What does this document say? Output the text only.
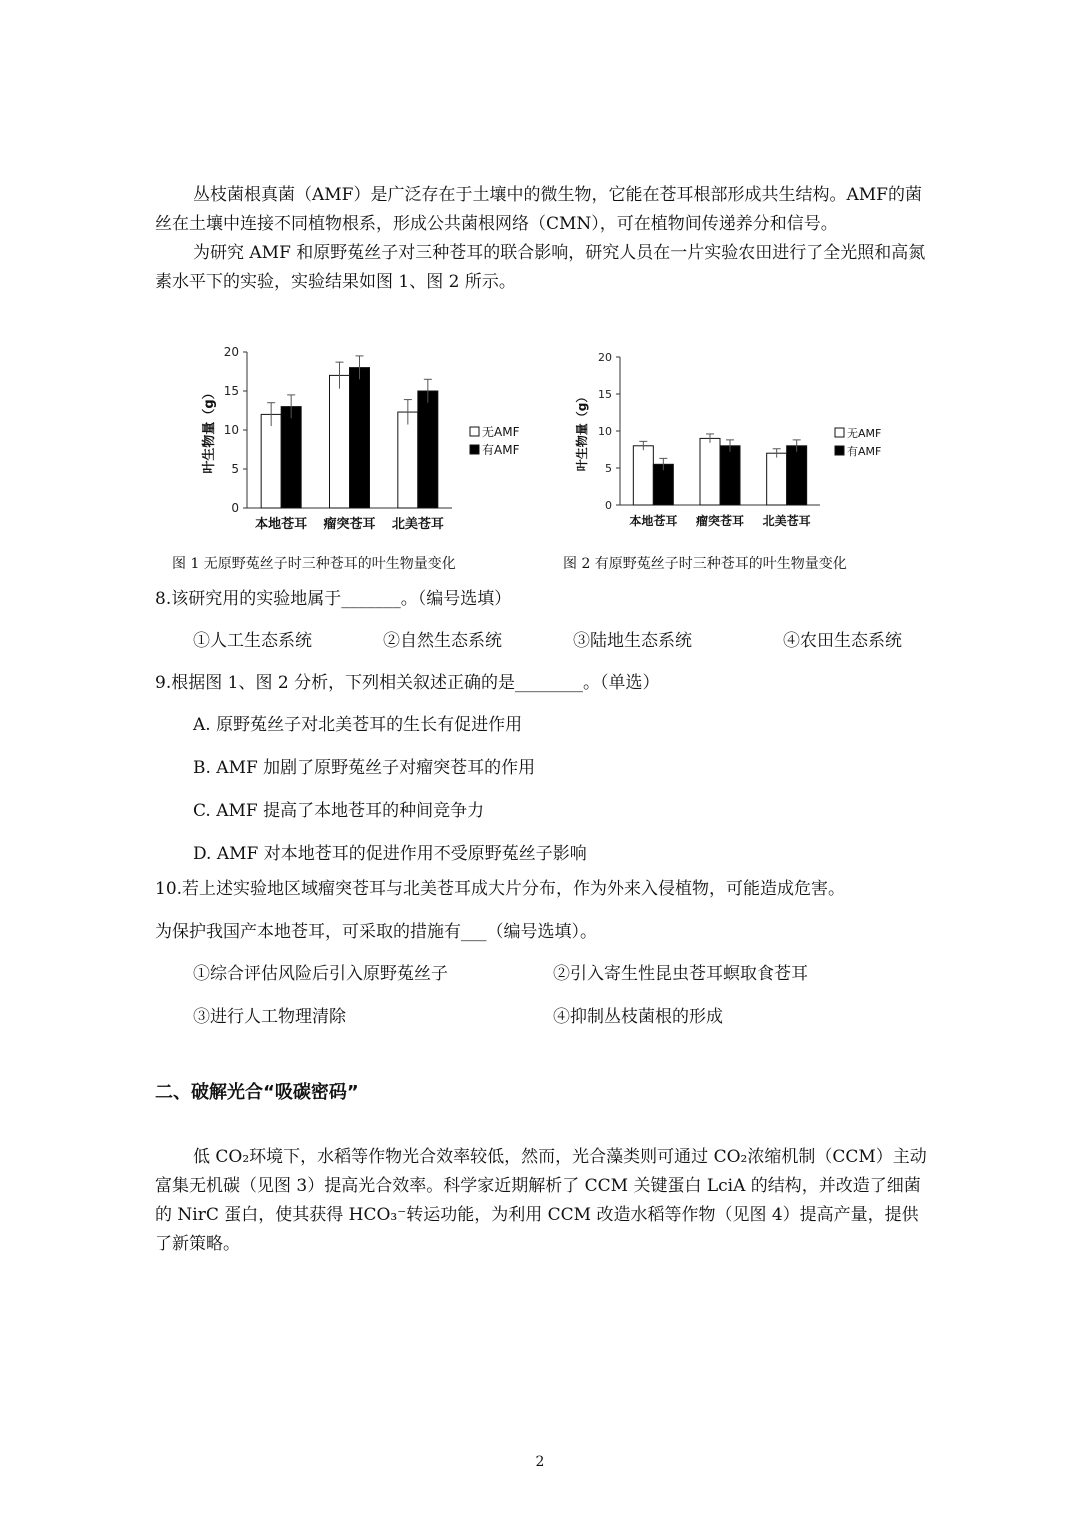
丛枝菌根真菌（AMF）是广泛存在于土壤中的微生物，它能在苍耳根部形成共生结构。AMF的菌丝在土壤中连接不同植物根系，形成公共菌根网络（CMN），可在植物间传递养分和信号。

为研究 AMF 和原野菟丝子对三种苍耳的联合影响，研究人员在一片实验农田进行了全光照和高氮素水平下的实验，实验结果如图 1、图 2 所示。

0
5
10
15
20
叶生物量（g）
本地苍耳 瘤突苍耳 北美苍耳
无AMF
有AMF
0
5
10
15
20
叶生物量（g）
本地苍耳 瘤突苍耳 北美苍耳
无AMF
有AMF
图 1 无原野菟丝子时三种苍耳的叶生物量变化	图 2 有原野菟丝子时三种苍耳的叶生物量变化
8.该研究用的实验地属于_______。（编号选填）
①人工生态系统	②自然生态系统	③陆地生态系统	④农田生态系统
9.根据图 1、图 2 分析，下列相关叙述正确的是________。（单选）
A. 原野菟丝子对北美苍耳的生长有促进作用
B. AMF 加剧了原野菟丝子对瘤突苍耳的作用
C. AMF 提高了本地苍耳的种间竞争力
D. AMF 对本地苍耳的促进作用不受原野菟丝子影响
10.若上述实验地区域瘤突苍耳与北美苍耳成大片分布，作为外来入侵植物，可能造成危害。
为保护我国产本地苍耳，可采取的措施有___（编号选填）。
①综合评估风险后引入原野菟丝子	②引入寄生性昆虫苍耳螟取食苍耳
③进行人工物理清除	④抑制丛枝菌根的形成
二、破解光合“吸碳密码”

低 CO₂环境下，水稻等作物光合效率较低，然而，光合藻类则可通过 CO₂浓缩机制（CCM）主动富集无机碳（见图 3）提高光合效率。科学家近期解析了 CCM 关键蛋白 LciA 的结构，并改造了细菌的 NirC 蛋白，使其获得 HCO₃⁻转运功能，为利用 CCM 改造水稻等作物（见图 4）提高产量，提供了新策略。

2
